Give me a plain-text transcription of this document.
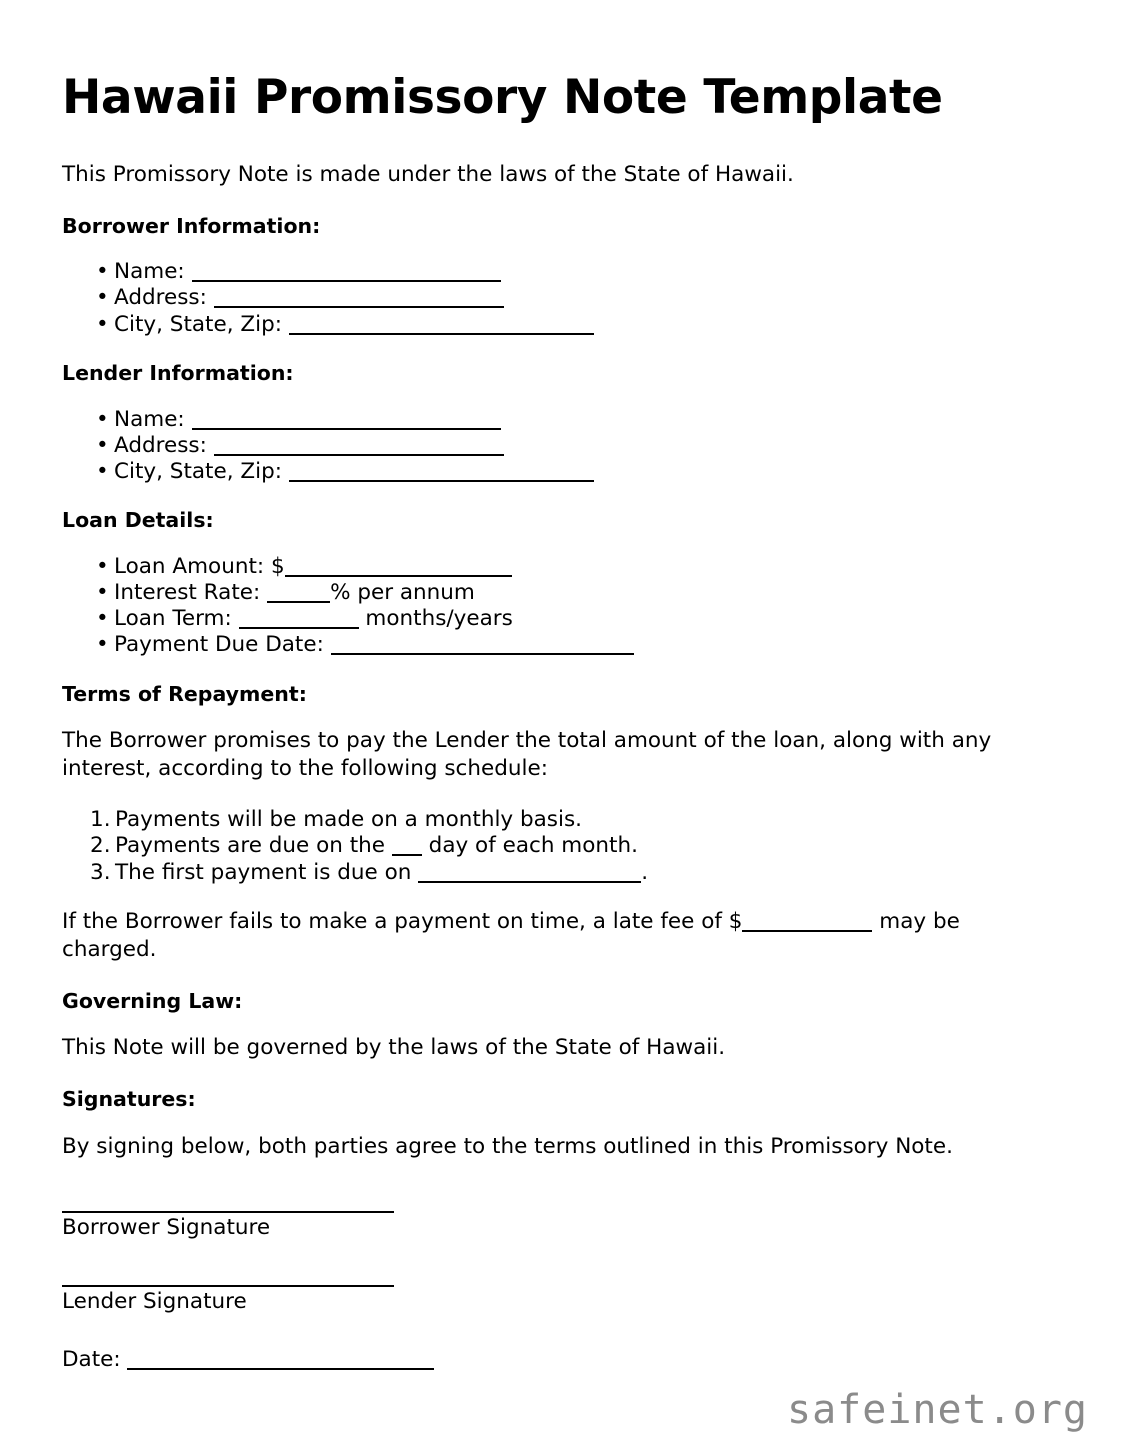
Hawaii Promissory Note Template

This Promissory Note is made under the laws of the State of Hawaii.

Borrower Information:
• Name:
• Address:
• City, State, Zip:
Lender Information:
• Name:
• Address:
• City, State, Zip:
Loan Details:
• Loan Amount: $
• Interest Rate:	% per annum
• Loan Term:	months/years
• Payment Due Date:
Terms of Repayment:

The Borrower promises to pay the Lender the total amount of the loan, along with any interest, according to the following schedule:

Payments will be made on a monthly basis.
Payments are due on the  day of each month.
The first payment is due on	.

If the Borrower fails to make a payment on time, a late fee of $	may be charged.

Governing Law:

This Note will be governed by the laws of the State of Hawaii.

Signatures:

By signing below, both parties agree to the terms outlined in this Promissory Note.

Borrower Signature

Lender Signature

Date:

safeinet.org
